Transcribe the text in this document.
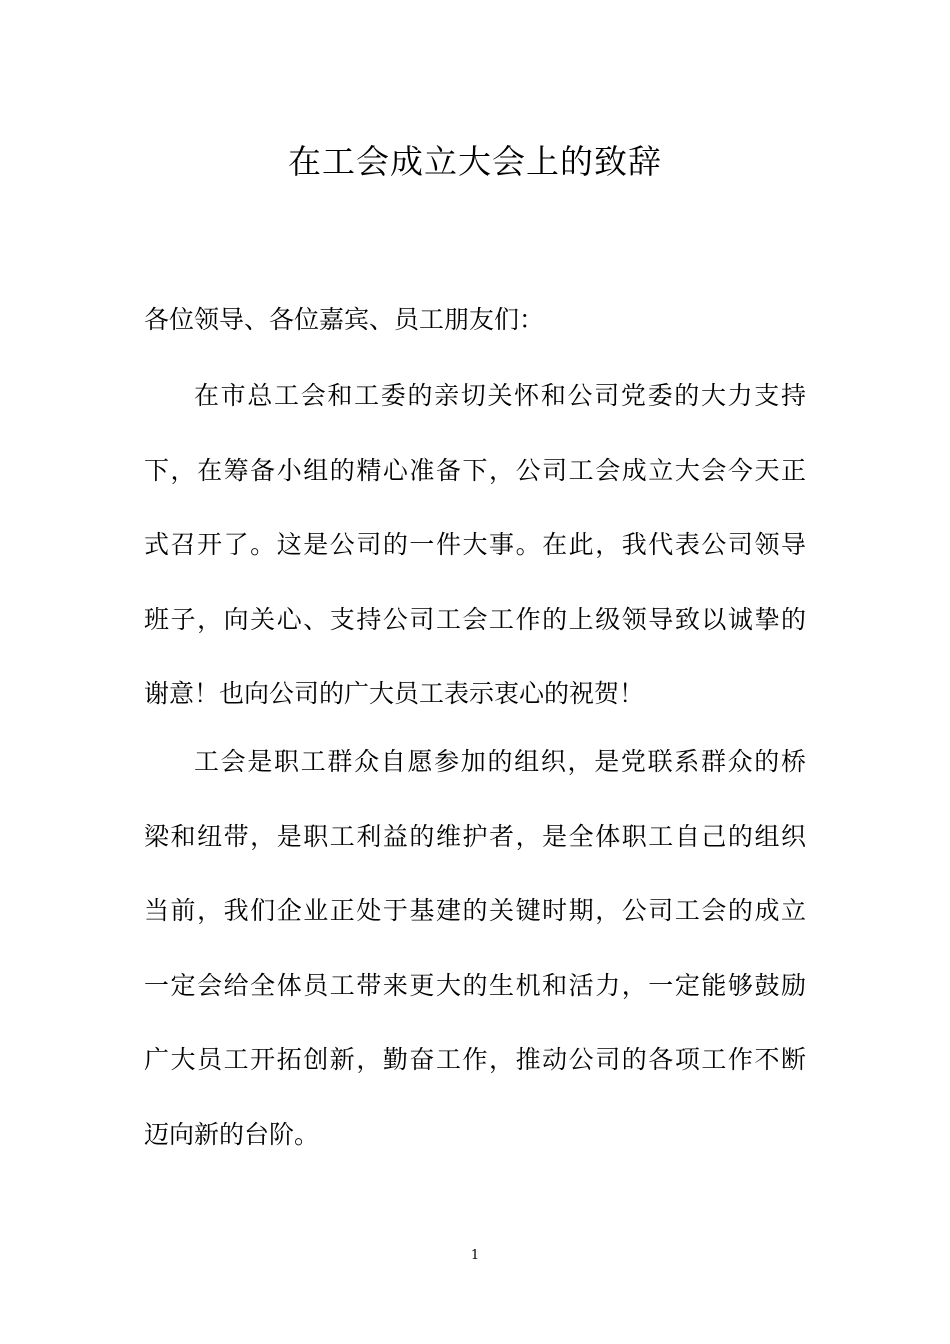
在工会成立大会上的致辞

各位领导、各位嘉宾、员工朋友们：

在市总工会和工委的亲切关怀和公司党委的大力支持
下，在筹备小组的精心准备下，公司工会成立大会今天正
式召开了。这是公司的一件大事。在此，我代表公司领导
班子，向关心、支持公司工会工作的上级领导致以诚挚的
谢意！也向公司的广大员工表示衷心的祝贺！
工会是职工群众自愿参加的组织，是党联系群众的桥
梁和纽带，是职工利益的维护者，是全体职工自己的组织
当前，我们企业正处于基建的关键时期，公司工会的成立
一定会给全体员工带来更大的生机和活力，一定能够鼓励
广大员工开拓创新，勤奋工作，推动公司的各项工作不断
迈向新的台阶。
1
